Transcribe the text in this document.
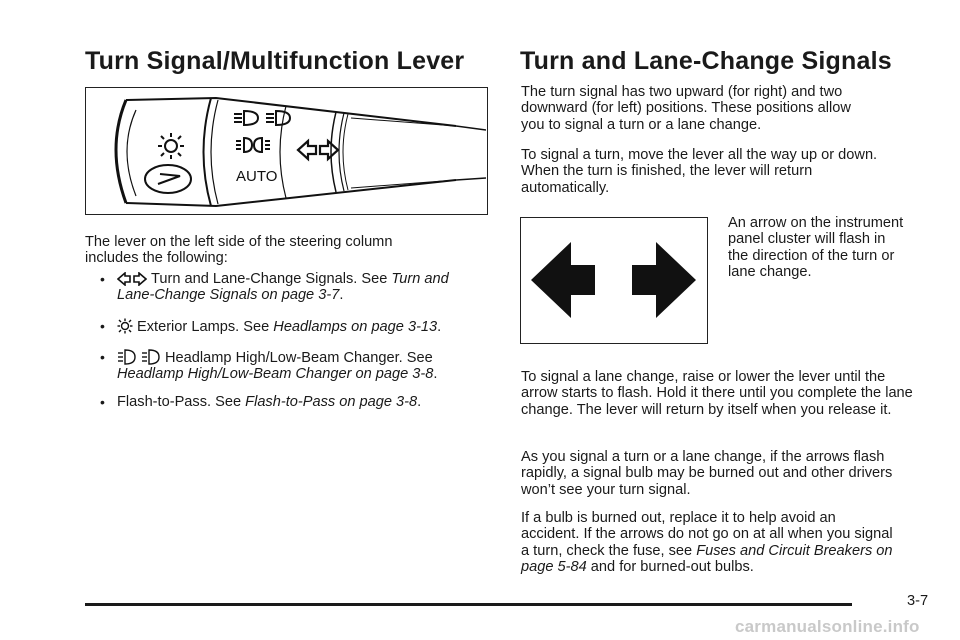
Turn Signal/Multifunction Lever
AUTO

The lever on the left side of the steering column includes the following:

•	Turn and Lane-Change Signals. See Turn and Lane-Change Signals on page 3-7.
•	Exterior Lamps. See Headlamps on page 3-13.
•	Headlamp High/Low-Beam Changer. See
Headlamp High/Low-Beam Changer on page 3-8.
• Flash-to-Pass. See Flash-to-Pass on page 3-8.
Turn and Lane-Change Signals

The turn signal has two upward (for right) and two downward (for left) positions. These positions allow you to signal a turn or a lane change.

To signal a turn, move the lever all the way up or down. When the turn is finished, the lever will return automatically.

An arrow on the instrument panel cluster will flash in the direction of the turn or lane change.

To signal a lane change, raise or lower the lever until the arrow starts to flash. Hold it there until you complete the lane change. The lever will return by itself when you release it.

As you signal a turn or a lane change, if the arrows flash rapidly, a signal bulb may be burned out and other drivers won’t see your turn signal.

If a bulb is burned out, replace it to help avoid an accident. If the arrows do not go on at all when you signal a turn, check the fuse, see Fuses and Circuit Breakers on page 5-84 and for burned-out bulbs.

3-7
carmanualsonline.info
